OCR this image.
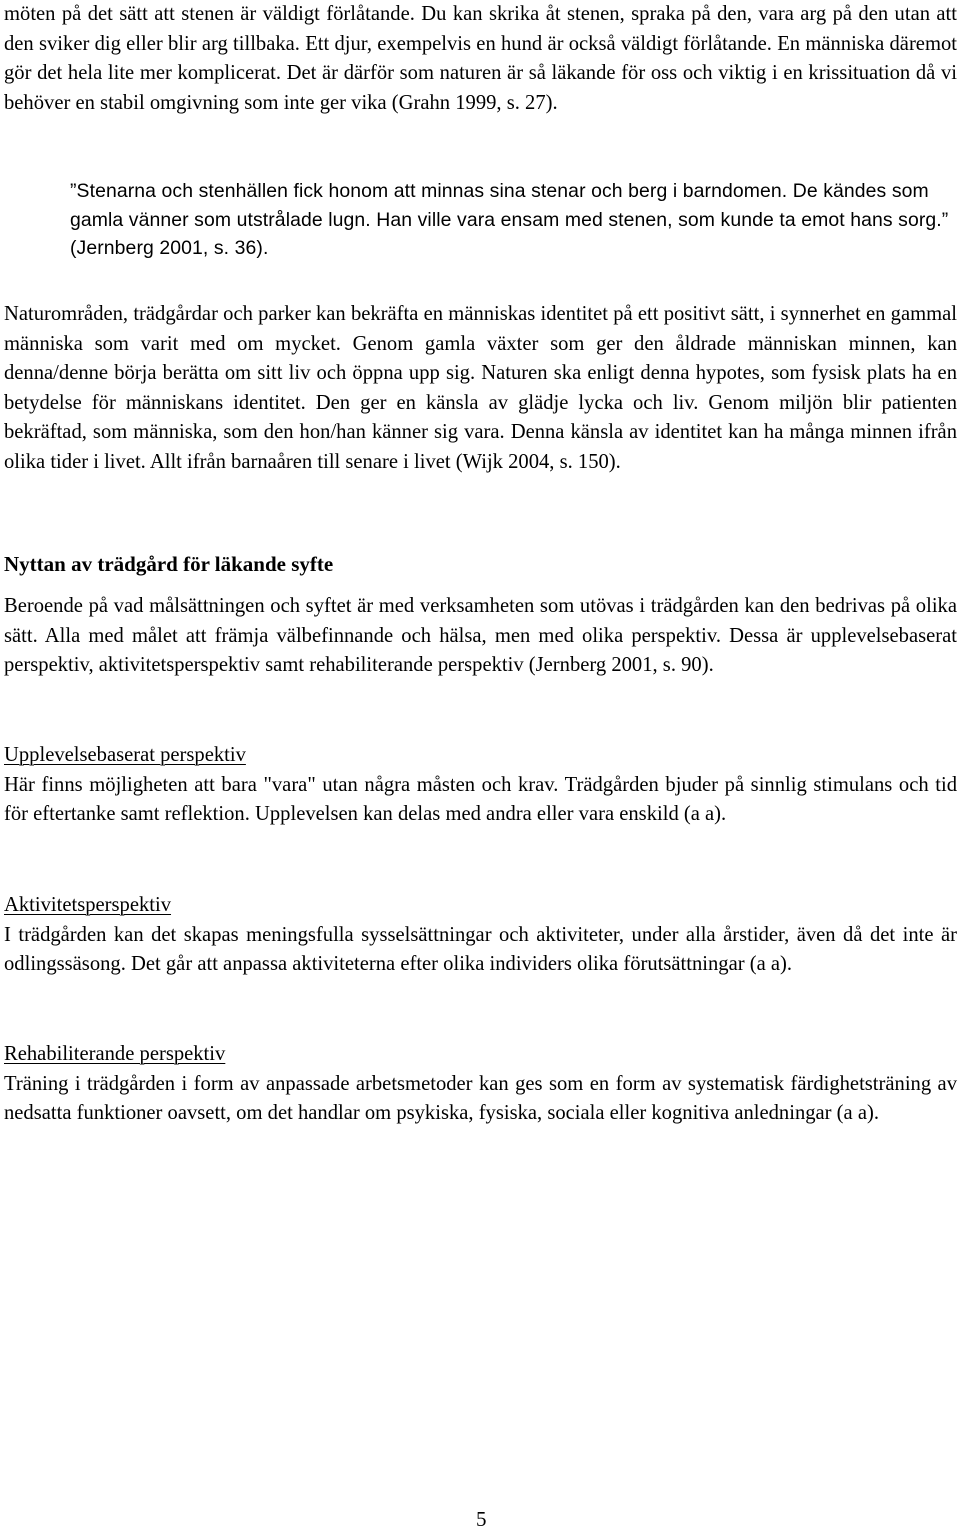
möten på det sätt att stenen är väldigt förlåtande. Du kan skrika åt stenen, spraka på den, vara arg på den utan att den sviker dig eller blir arg tillbaka. Ett djur, exempelvis en hund är också väldigt förlåtande. En människa däremot gör det hela lite mer komplicerat. Det är därför som naturen är så läkande för oss och viktig i en krissituation då vi behöver en stabil omgivning som inte ger vika (Grahn 1999, s. 27).

”Stenarna och stenhällen fick honom att minnas sina stenar och berg i barndomen. De kändes som gamla vänner som utstrålade lugn. Han ville vara ensam med stenen, som kunde ta emot hans sorg.” (Jernberg 2001, s. 36).

Naturområden, trädgårdar och parker kan bekräfta en människas identitet på ett positivt sätt, i synnerhet en gammal människa som varit med om mycket. Genom gamla växter som ger den åldrade människan minnen, kan denna/denne börja berätta om sitt liv och öppna upp sig. Naturen ska enligt denna hypotes, som fysisk plats ha en betydelse för människans identitet. Den ger en känsla av glädje lycka och liv. Genom miljön blir patienten bekräftad, som människa, som den hon/han känner sig vara. Denna känsla av identitet kan ha många minnen ifrån olika tider i livet. Allt ifrån barnaåren till senare i livet (Wijk 2004, s. 150).

Nyttan av trädgård för läkande syfte

Beroende på vad målsättningen och syftet är med verksamheten som utövas i trädgården kan den bedrivas på olika sätt. Alla med målet att främja välbefinnande och hälsa, men med olika perspektiv. Dessa är upplevelsebaserat perspektiv, aktivitetsperspektiv samt rehabiliterande perspektiv (Jernberg 2001, s. 90).

Upplevelsebaserat perspektiv

Här finns möjligheten att bara "vara" utan några måsten och krav. Trädgården bjuder på sinnlig stimulans och tid för eftertanke samt reflektion. Upplevelsen kan delas med andra eller vara enskild (a a).

Aktivitetsperspektiv

I trädgården kan det skapas meningsfulla sysselsättningar och aktiviteter, under alla årstider, även då det inte är odlingssäsong. Det går att anpassa aktiviteterna efter olika individers olika förutsättningar (a a).

Rehabiliterande perspektiv

Träning i trädgården i form av anpassade arbetsmetoder kan ges som en form av systematisk färdighetsträning av nedsatta funktioner oavsett, om det handlar om psykiska, fysiska, sociala eller kognitiva anledningar (a a).

5
